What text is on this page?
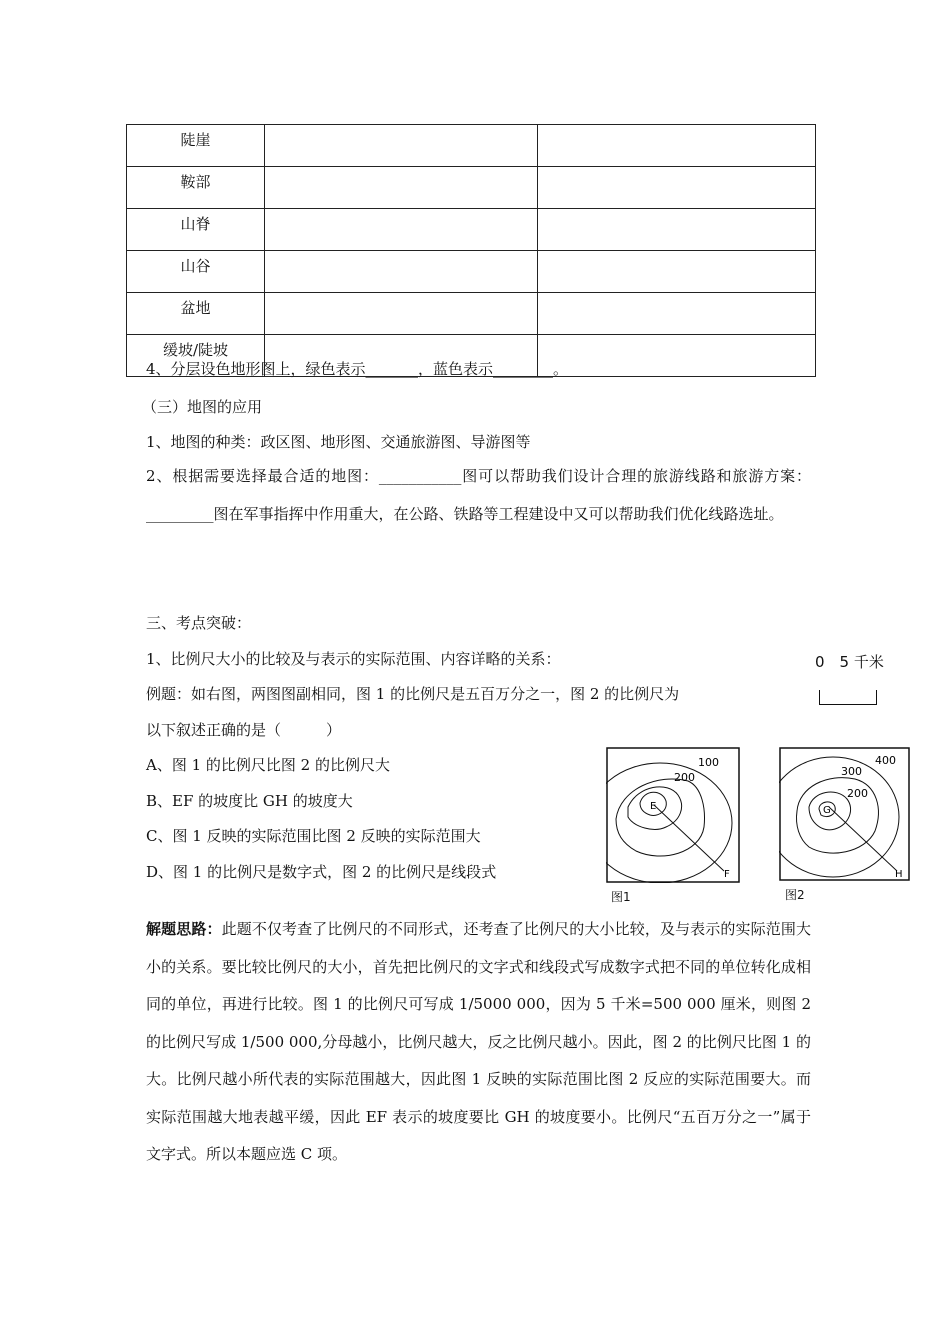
陡崖		
鞍部		
山脊		
山谷		
盆地		
缓坡/陡坡		
4、分层设色地形图上，绿色表示_______，蓝色表示________。
（三）地图的应用
1、地图的种类：政区图、地形图、交通旅游图、导游图等
2、根据需要选择最合适的地图：___________图可以帮助我们设计合理的旅游线路和旅游方案：_________图在军事指挥中作用重大，在公路、铁路等工程建设中又可以帮助我们优化线路选址。
三、考点突破：
1、比例尺大小的比较及与表示的实际范围、内容详略的关系：
例题：如右图，两图图副相同，图 1 的比例尺是五百万分之一，图 2 的比例尺为
以下叙述正确的是（　　　）
A、图 1 的比例尺比图 2 的比例尺大
B、EF 的坡度比 GH 的坡度大
C、图 1 反映的实际范围比图 2 反映的实际范围大
D、图 1 的比例尺是数字式，图 2 的比例尺是线段式
0　5 千米
E
F
100
200
图1
G
H
400
300
200
图2
解题思路：此题不仅考查了比例尺的不同形式，还考查了比例尺的大小比较，及与表示的实际范围大小的关系。要比较比例尺的大小，首先把比例尺的文字式和线段式写成数字式把不同的单位转化成相同的单位，再进行比较。图 1 的比例尺可写成 1/5000 000，因为 5 千米=500 000 厘米，则图 2 的比例尺写成 1/500 000,分母越小，比例尺越大，反之比例尺越小。因此，图 2 的比例尺比图 1 的大。比例尺越小所代表的实际范围越大，因此图 1 反映的实际范围比图 2 反应的实际范围要大。而实际范围越大地表越平缓，因此 EF 表示的坡度要比 GH 的坡度要小。比例尺“五百万分之一”属于文字式。所以本题应选 C 项。
